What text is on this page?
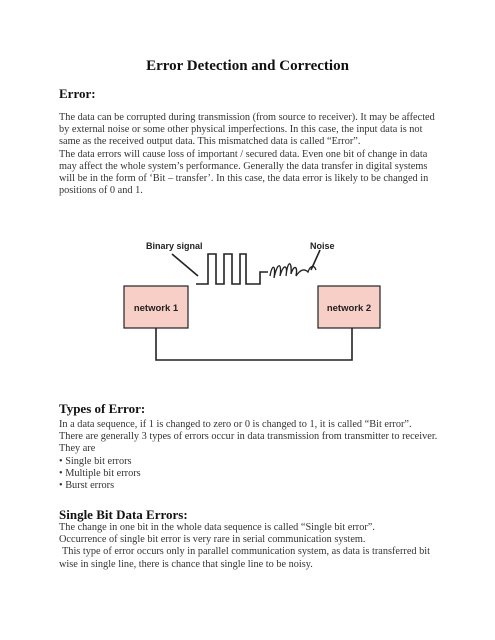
Error Detection and Correction
Error:

The data can be corrupted during transmission (from source to receiver). It may be affected by external noise or some other physical imperfections. In this case, the input data is not same as the received output data. This mismatched data is called “Error”.

The data errors will cause loss of important / secured data. Even one bit of change in data may affect the whole system’s performance. Generally the data transfer in digital systems will be in the form of ‘Bit – transfer’. In this case, the data error is likely to be changed in positions of 0 and 1.

Binary signal	Noise
network 1	network 2
Types of Error:

In a data sequence, if 1 is changed to zero or 0 is changed to 1, it is called “Bit error”.

There are generally 3 types of errors occur in data transmission from transmitter to receiver. They are

• Single bit errors
• Multiple bit errors
• Burst errors
Single Bit Data Errors:

The change in one bit in the whole data sequence is called “Single bit error”.

Occurrence of single bit error is very rare in serial communication system.

This type of error occurs only in parallel communication system, as data is transferred bit wise in single line, there is chance that single line to be noisy.
